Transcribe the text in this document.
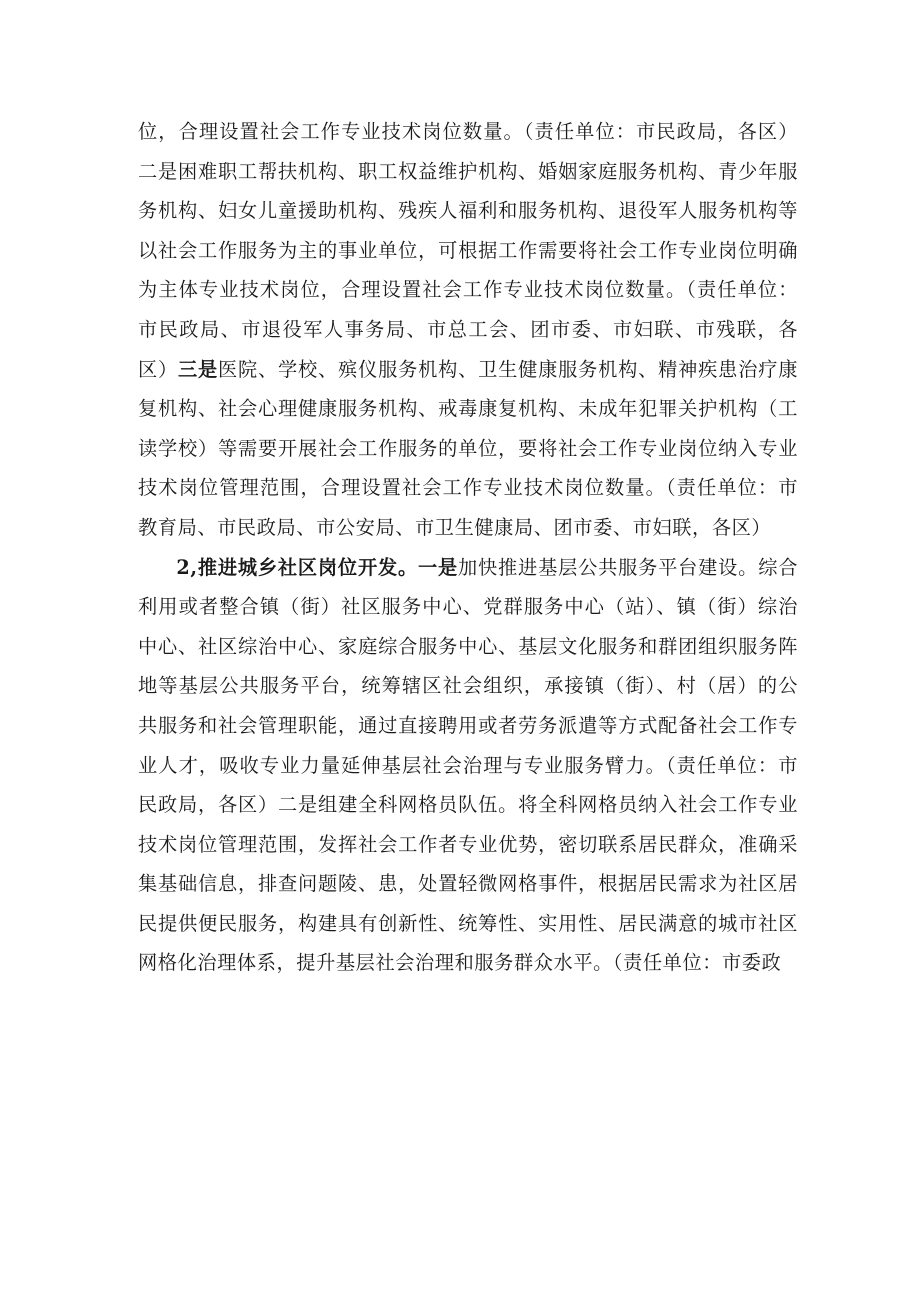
位，合理设置社会工作专业技术岗位数量。（责任单位：市民政局，各区）二是困难职工帮扶机构、职工权益维护机构、婚姻家庭服务机构、青少年服务机构、妇女儿童援助机构、残疾人福利和服务机构、退役军人服务机构等以社会工作服务为主的事业单位，可根据工作需要将社会工作专业岗位明确为主体专业技术岗位，合理设置社会工作专业技术岗位数量。（责任单位：市民政局、市退役军人事务局、市总工会、团市委、市妇联、市残联，各区）三是医院、学校、殡仪服务机构、卫生健康服务机构、精神疾患治疗康复机构、社会心理健康服务机构、戒毒康复机构、未成年犯罪关护机构（工读学校）等需要开展社会工作服务的单位，要将社会工作专业岗位纳入专业技术岗位管理范围，合理设置社会工作专业技术岗位数量。（责任单位：市教育局、市民政局、市公安局、市卫生健康局、团市委、市妇联，各区）

2,推进城乡社区岗位开发。一是加快推进基层公共服务平台建设。综合利用或者整合镇（街）社区服务中心、党群服务中心（站）、镇（街）综治中心、社区综治中心、家庭综合服务中心、基层文化服务和群团组织服务阵地等基层公共服务平台，统筹辖区社会组织，承接镇（街）、村（居）的公共服务和社会管理职能，通过直接聘用或者劳务派遣等方式配备社会工作专业人才，吸收专业力量延伸基层社会治理与专业服务臂力。（责任单位：市民政局，各区）二是组建全科网格员队伍。将全科网格员纳入社会工作专业技术岗位管理范围，发挥社会工作者专业优势，密切联系居民群众，准确采集基础信息，排查问题陵、患，处置轻微网格事件，根据居民需求为社区居民提供便民服务，构建具有创新性、统筹性、实用性、居民满意的城市社区网格化治理体系，提升基层社会治理和服务群众水平。（责任单位：市委政
